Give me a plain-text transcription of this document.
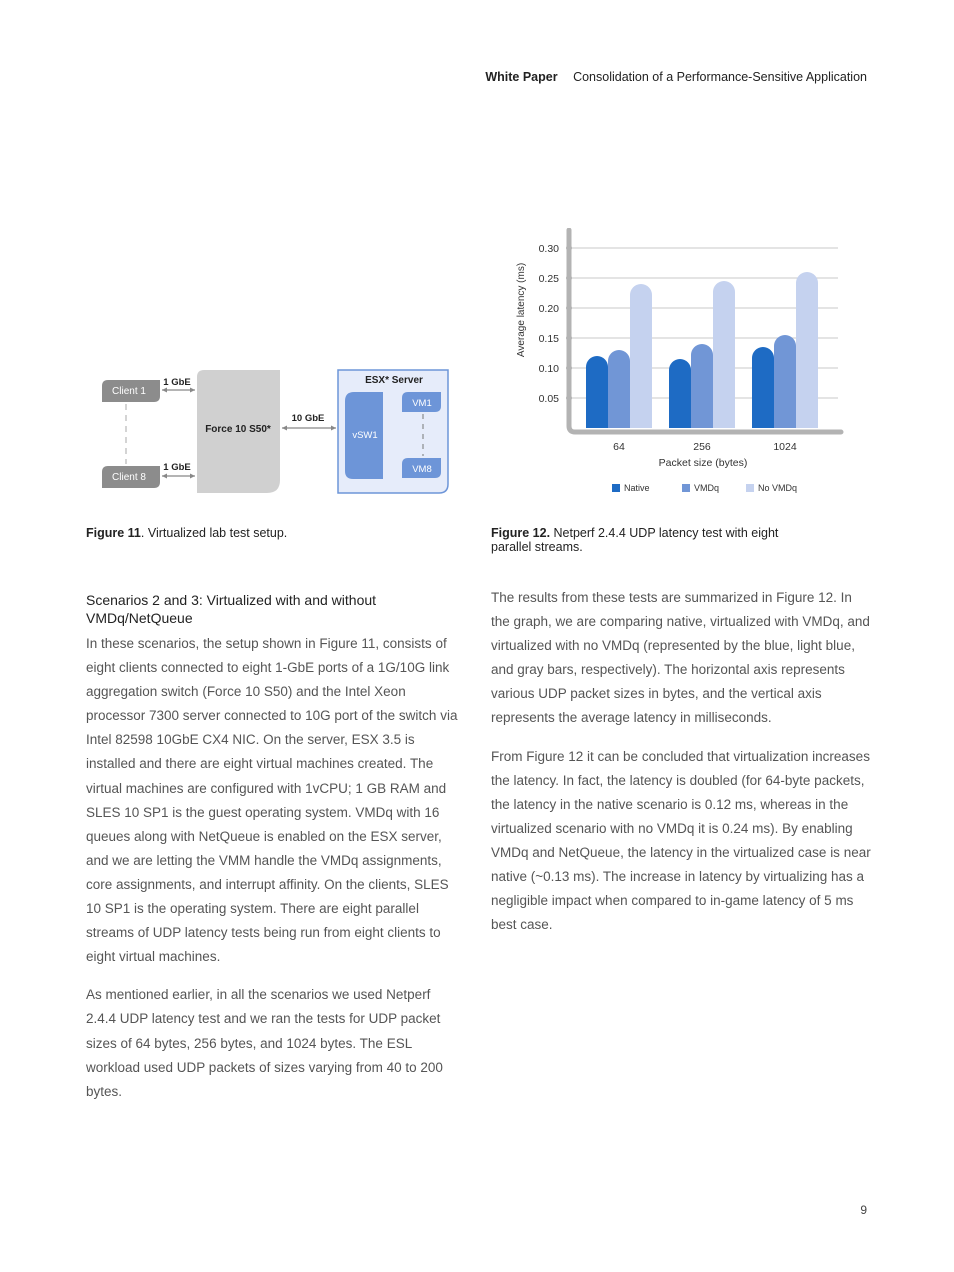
White Paper Consolidation of a Performance-Sensitive Application
Client 1
Client 8
Force 10 S50*
1 GbE
1 GbE
10 GbE
ESX* Server
vSW1
VM1
VM8
0.30
0.25
0.20
0.15
0.10
0.05
64	256	1024
Packet size (bytes)
Average latency (ms)
Native	VMDq	No VMDq
Figure 11. Virtualized lab test setup.	Figure 12. Netperf 2.4.4 UDP latency test with eight parallel streams.
Scenarios 2 and 3: Virtualized with and without VMDq/NetQueue

In these scenarios, the setup shown in Figure 11, consists of eight clients connected to eight 1-GbE ports of a 1G/10G link aggregation switch (Force 10 S50) and the Intel Xeon processor 7300 server connected to 10G port of the switch via Intel 82598 10GbE CX4 NIC. On the server, ESX 3.5 is installed and there are eight virtual machines created. The virtual machines are configured with 1vCPU; 1 GB RAM and SLES 10 SP1 is the guest operating system. VMDq with 16 queues along with NetQueue is enabled on the ESX server, and we are letting the VMM handle the VMDq assignments, core assignments, and interrupt affinity. On the clients, SLES 10 SP1 is the operating system. There are eight parallel streams of UDP latency tests being run from eight clients to eight virtual machines.

As mentioned earlier, in all the scenarios we used Netperf 2.4.4 UDP latency test and we ran the tests for UDP packet sizes of 64 bytes, 256 bytes, and 1024 bytes. The ESL workload used UDP packets of sizes varying from 40 to 200 bytes.

The results from these tests are summarized in Figure 12. In the graph, we are comparing native, virtualized with VMDq, and virtualized with no VMDq (represented by the blue, light blue, and gray bars, respectively). The horizontal axis represents various UDP packet sizes in bytes, and the vertical axis represents the average latency in milliseconds.

From Figure 12 it can be concluded that virtualization increases the latency. In fact, the latency is doubled (for 64-byte packets, the latency in the native scenario is 0.12 ms, whereas in the virtualized scenario with no VMDq it is 0.24 ms). By enabling VMDq and NetQueue, the latency in the virtualized case is near native (~0.13 ms). The increase in latency by virtualizing has a negligible impact when compared to in-game latency of 5 ms best case.

9
